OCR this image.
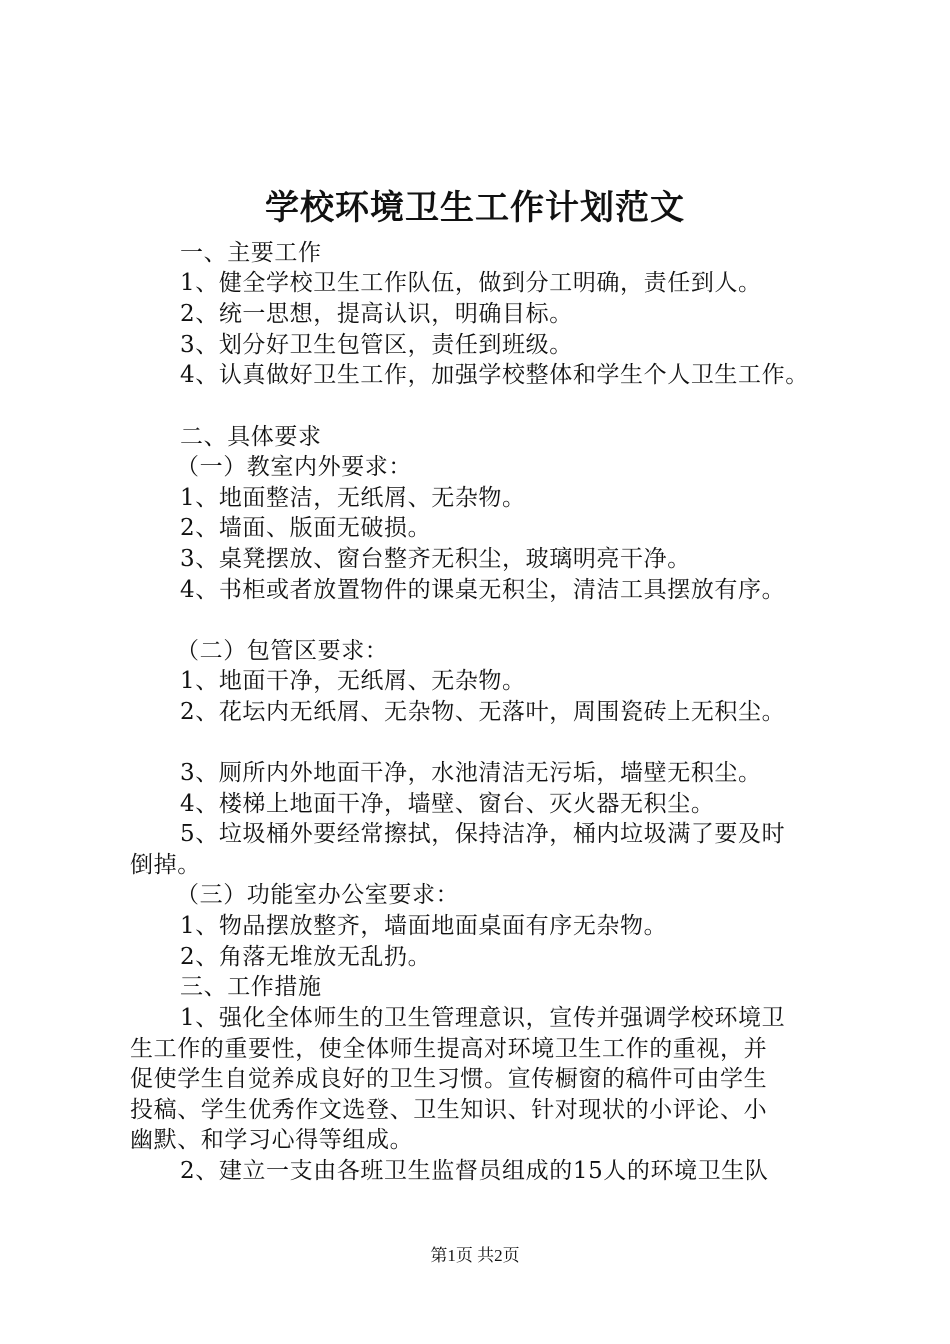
学校环境卫生工作计划范文
一、主要工作
1、健全学校卫生工作队伍，做到分工明确，责任到人。
2、统一思想，提高认识，明确目标。
3、划分好卫生包管区，责任到班级。
4、认真做好卫生工作，加强学校整体和学生个人卫生工作。
二、具体要求
（一）教室内外要求：
1、地面整洁，无纸屑、无杂物。
2、墙面、版面无破损。
3、桌凳摆放、窗台整齐无积尘，玻璃明亮干净。
4、书柜或者放置物件的课桌无积尘，清洁工具摆放有序。
（二）包管区要求：
1、地面干净，无纸屑、无杂物。
2、花坛内无纸屑、无杂物、无落叶，周围瓷砖上无积尘。
3、厕所内外地面干净，水池清洁无污垢，墙壁无积尘。
4、楼梯上地面干净，墙壁、窗台、灭火器无积尘。
5、垃圾桶外要经常擦拭，保持洁净，桶内垃圾满了要及时
倒掉。
（三）功能室办公室要求：
1、物品摆放整齐，墙面地面桌面有序无杂物。
2、角落无堆放无乱扔。
三、工作措施
1、强化全体师生的卫生管理意识，宣传并强调学校环境卫
生工作的重要性，使全体师生提高对环境卫生工作的重视，并
促使学生自觉养成良好的卫生习惯。宣传橱窗的稿件可由学生
投稿、学生优秀作文选登、卫生知识、针对现状的小评论、小
幽默、和学习心得等组成。
2、建立一支由各班卫生监督员组成的15人的环境卫生队
第1页 共2页
